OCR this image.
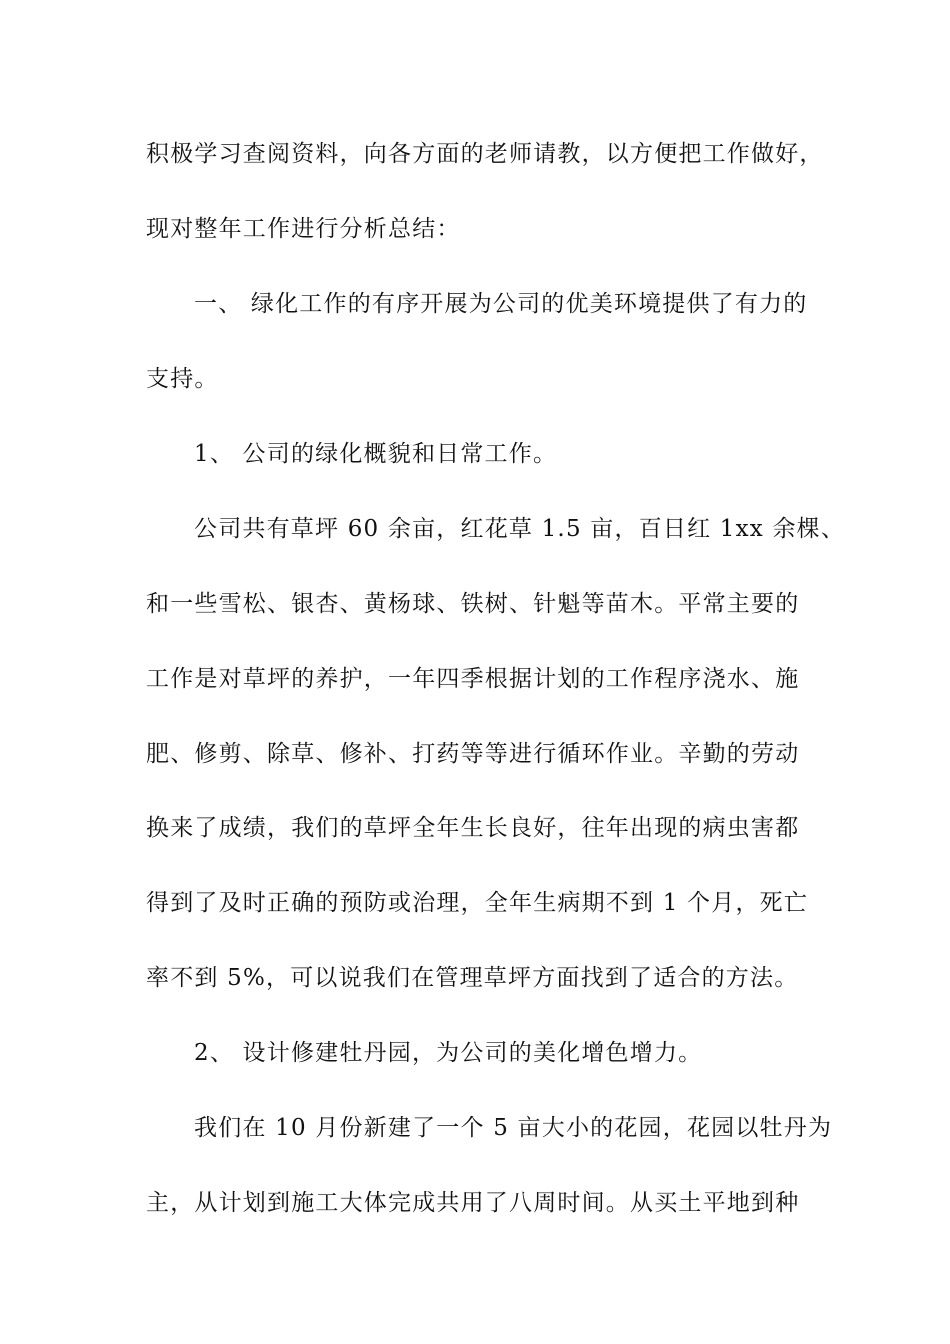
积极学习查阅资料，向各方面的老师请教，以方便把工作做好，
现对整年工作进行分析总结：
一、 绿化工作的有序开展为公司的优美环境提供了有力的
支持。
1、 公司的绿化概貌和日常工作。
公司共有草坪 60 余亩，红花草 1.5 亩，百日红 1xx 余棵、
和一些雪松、银杏、黄杨球、铁树、针魁等苗木。平常主要的
工作是对草坪的养护，一年四季根据计划的工作程序浇水、施
肥、修剪、除草、修补、打药等等进行循环作业。辛勤的劳动
换来了成绩，我们的草坪全年生长良好，往年出现的病虫害都
得到了及时正确的预防或治理，全年生病期不到 1 个月，死亡
率不到 5%，可以说我们在管理草坪方面找到了适合的方法。
2、 设计修建牡丹园，为公司的美化增色增力。
我们在 10 月份新建了一个 5 亩大小的花园，花园以牡丹为
主，从计划到施工大体完成共用了八周时间。从买土平地到种
